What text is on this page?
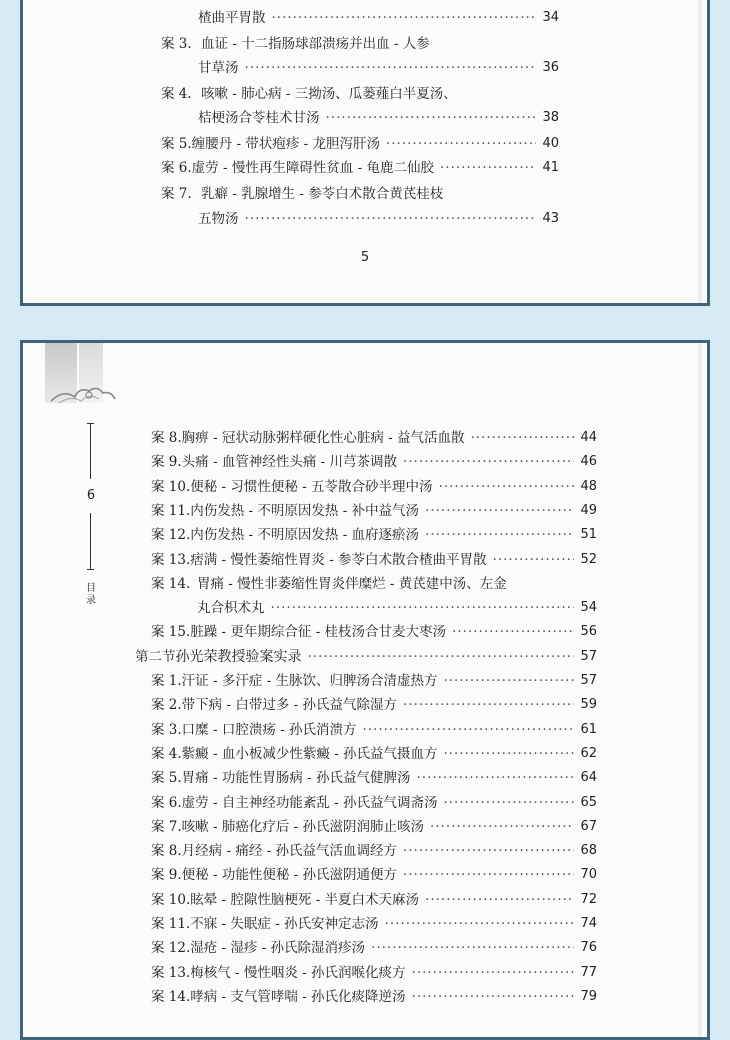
楂曲平胃散 ·····	34
案 3. 血证 - 十二指肠球部溃疡并出血 - 人参
甘草汤 ·····	36
案 4. 咳嗽 - 肺心病 - 三拗汤、瓜蒌薤白半夏汤、
桔梗汤合苓桂术甘汤 ·····	38
案 5. 缠腰丹 - 带状疱疹 - 龙胆泻肝汤 ·····	40
案 6. 虚劳 - 慢性再生障碍性贫血 - 龟鹿二仙胶 ·····	41
案 7. 乳癖 - 乳腺增生 - 参苓白术散合黄芪桂枝
五物汤 ·····	43
5
6
目录
案 8. 胸痹 - 冠状动脉粥样硬化性心脏病 - 益气活血散 ·····	44
案 9. 头痛 - 血管神经性头痛 - 川芎茶调散 ·····	46
案 10. 便秘 - 习惯性便秘 - 五苓散合砂半理中汤 ·····	48
案 11. 内伤发热 - 不明原因发热 - 补中益气汤 ·····	49
案 12. 内伤发热 - 不明原因发热 - 血府逐瘀汤 ·····	51
案 13. 痞满 - 慢性萎缩性胃炎 - 参苓白术散合楂曲平胃散 ·····	52
案 14. 胃痛 - 慢性非萎缩性胃炎伴糜烂 - 黄芪建中汤、左金
丸合枳术丸 ·····	54
案 15. 脏躁 - 更年期综合征 - 桂枝汤合甘麦大枣汤 ·····	56
第二节 孙光荣教授验案实录 ·····	57
案 1. 汗证 - 多汗症 - 生脉饮、归脾汤合清虚热方 ·····	57
案 2. 带下病 - 白带过多 - 孙氏益气除湿方 ·····	59
案 3. 口糜 - 口腔溃疡 - 孙氏消溃方 ·····	61
案 4. 紫癜 - 血小板减少性紫癜 - 孙氏益气摄血方 ·····	62
案 5. 胃痛 - 功能性胃肠病 - 孙氏益气健脾汤 ·····	64
案 6. 虚劳 - 自主神经功能紊乱 - 孙氏益气调斋汤 ·····	65
案 7. 咳嗽 - 肺癌化疗后 - 孙氏滋阴润肺止咳汤 ·····	67
案 8. 月经病 - 痛经 - 孙氏益气活血调经方 ·····	68
案 9. 便秘 - 功能性便秘 - 孙氏滋阴通便方 ·····	70
案 10. 眩晕 - 腔隙性脑梗死 - 半夏白术天麻汤 ·····	72
案 11. 不寐 - 失眠症 - 孙氏安神定志汤 ·····	74
案 12. 湿疮 - 湿疹 - 孙氏除湿消疹汤 ·····	76
案 13. 梅核气 - 慢性咽炎 - 孙氏润喉化痰方 ·····	77
案 14. 哮病 - 支气管哮喘 - 孙氏化痰降逆汤 ·····	79
